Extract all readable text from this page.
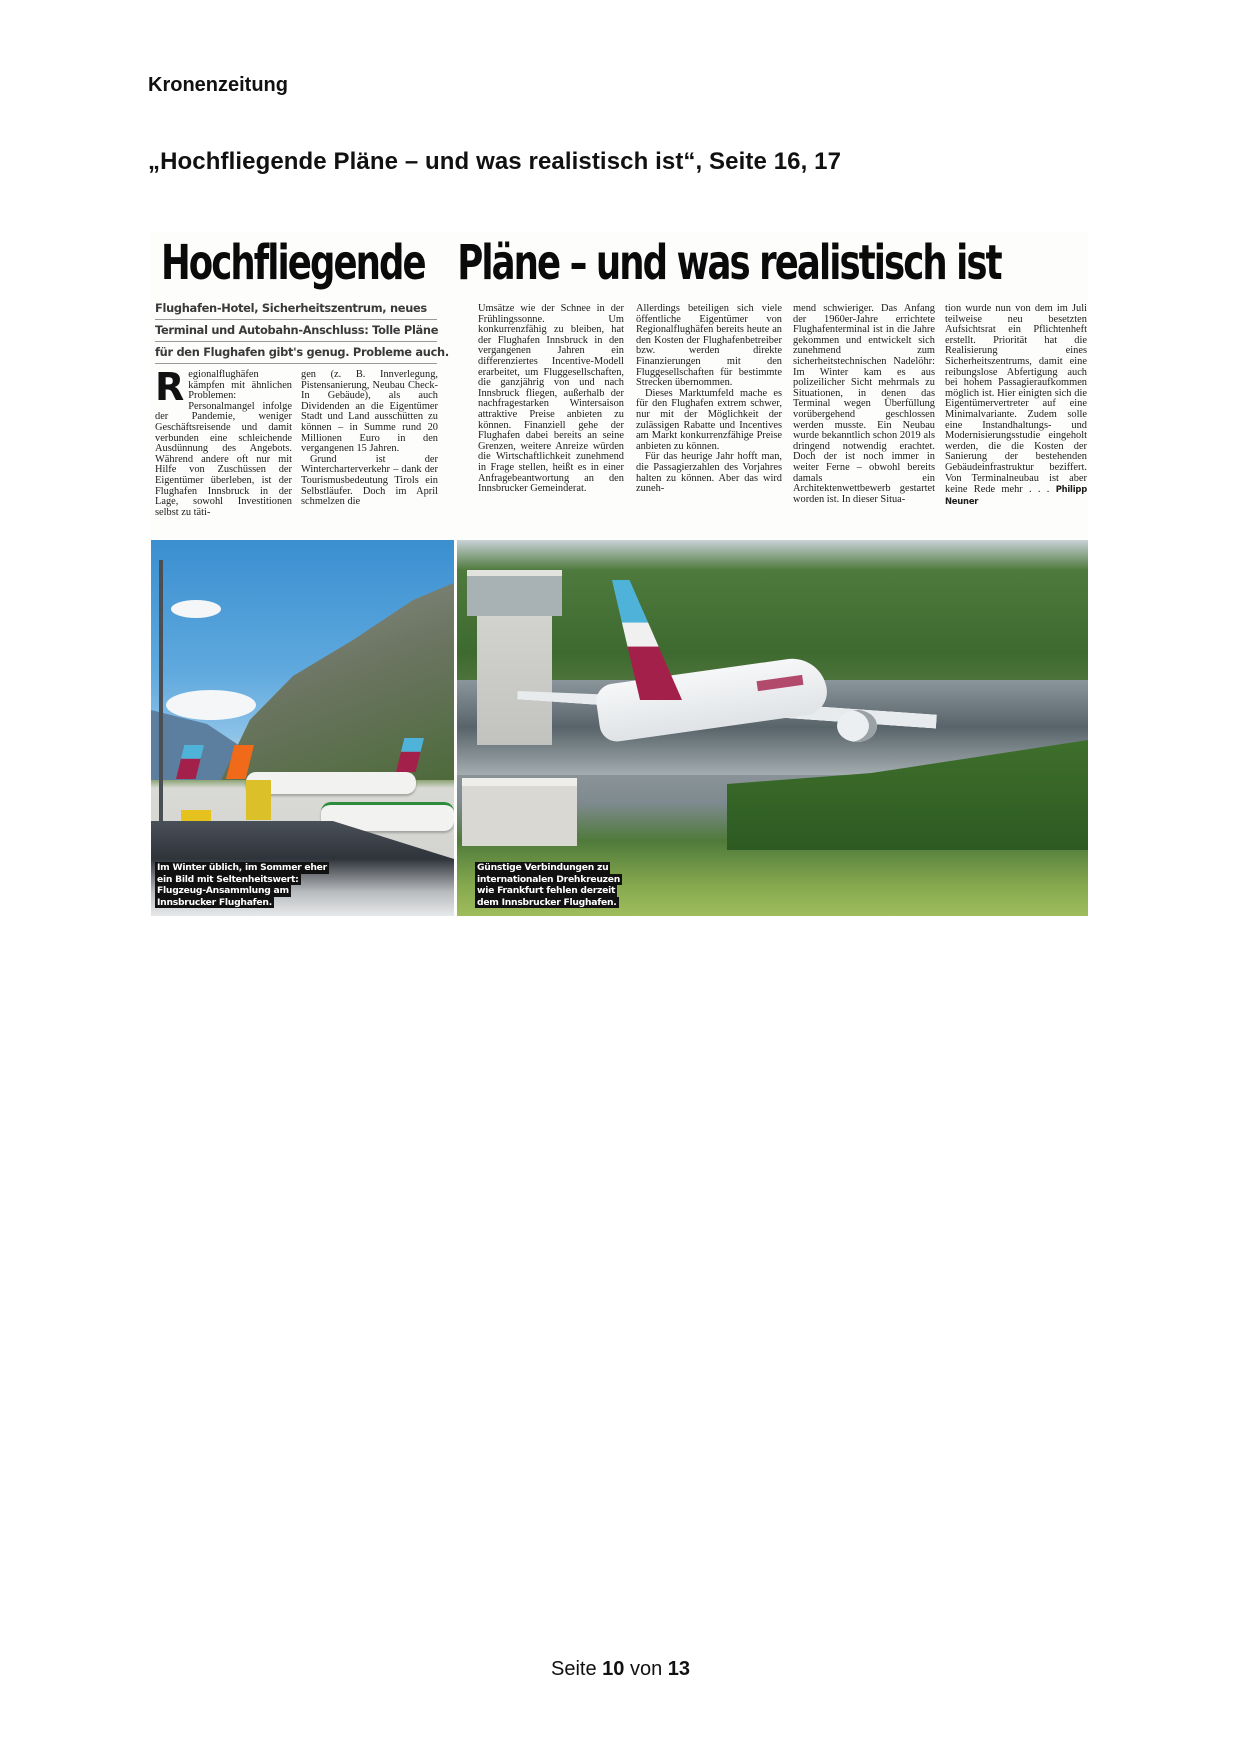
Kronenzeitung
„Hochfliegende Pläne – und was realistisch ist“, Seite 16, 17
Hochfliegende Pläne – und was realistisch ist
Flughafen-Hotel, Sicherheitszentrum, neues
Terminal und Autobahn-Anschluss: Tolle Pläne
für den Flughafen gibt's genug. Probleme auch.

Regionalflughäfen kämpfen mit ähnlichen Problemen: Personalmangel infolge der Pandemie, weniger Geschäftsreisende und damit verbunden eine schleichende Ausdünnung des Angebots. Während andere oft nur mit Hilfe von Zuschüssen der Eigentümer überleben, ist der Flughafen Innsbruck in der Lage, sowohl Investitionen selbst zu täti-

gen (z. B. Innverlegung, Pistensanierung, Neubau Check-In Gebäude), als auch Dividenden an die Eigentümer Stadt und Land ausschütten zu können – in Summe rund 20 Millionen Euro in den vergangenen 15 Jahren.

Grund ist der Wintercharterverkehr – dank der Tourismusbedeutung Tirols ein Selbstläufer. Doch im April schmelzen die

Umsätze wie der Schnee in der Frühlingssonne. Um konkurrenzfähig zu bleiben, hat der Flughafen Innsbruck in den vergangenen Jahren ein differenziertes Incentive-Modell erarbeitet, um Fluggesellschaften, die ganzjährig von und nach Innsbruck fliegen, außerhalb der nachfragestarken Wintersaison attraktive Preise anbieten zu können. Finanziell gehe der Flughafen dabei bereits an seine Grenzen, weitere Anreize würden die Wirtschaftlichkeit zunehmend in Frage stellen, heißt es in einer Anfragebeantwortung an den Innsbrucker Gemeinderat.

Allerdings beteiligen sich viele öffentliche Eigentümer von Regionalflughäfen bereits heute an den Kosten der Flughafenbetreiber bzw. werden direkte Finanzierungen mit den Fluggesellschaften für bestimmte Strecken übernommen.

Dieses Marktumfeld mache es für den Flughafen extrem schwer, nur mit der Möglichkeit der zulässigen Rabatte und Incentives am Markt konkurrenzfähige Preise anbieten zu können.

Für das heurige Jahr hofft man, die Passagierzahlen des Vorjahres halten zu können. Aber das wird zuneh-

mend schwieriger. Das Anfang der 1960er-Jahre errichtete Flughafenterminal ist in die Jahre gekommen und entwickelt sich zunehmend zum sicherheitstechnischen Nadelöhr: Im Winter kam es aus polizeilicher Sicht mehrmals zu Situationen, in denen das Terminal wegen Überfüllung vorübergehend geschlossen werden musste. Ein Neubau wurde bekanntlich schon 2019 als dringend notwendig erachtet. Doch der ist noch immer in weiter Ferne – obwohl bereits damals ein Architektenwettbewerb gestartet worden ist. In dieser Situa-

tion wurde nun von dem im Juli teilweise neu besetzten Aufsichtsrat ein Pflichtenheft erstellt. Priorität hat die Realisierung eines Sicherheitszentrums, damit eine reibungslose Abfertigung auch bei hohem Passagieraufkommen möglich ist. Hier einigten sich die Eigentümervertreter auf eine Minimalvariante. Zudem solle eine Instandhaltungs- und Modernisierungsstudie eingeholt werden, die die Kosten der Sanierung der bestehenden Gebäudeinfrastruktur beziffert. Von Terminalneubau ist aber keine Rede mehr . . . Philipp Neuner

Im Winter üblich, im Sommer eher
ein Bild mit Seltenheitswert:
Flugzeug-Ansammlung am
Innsbrucker Flughafen.
Günstige Verbindungen zu
internationalen Drehkreuzen
wie Frankfurt fehlen derzeit
dem Innsbrucker Flughafen.
Seite 10 von 13
